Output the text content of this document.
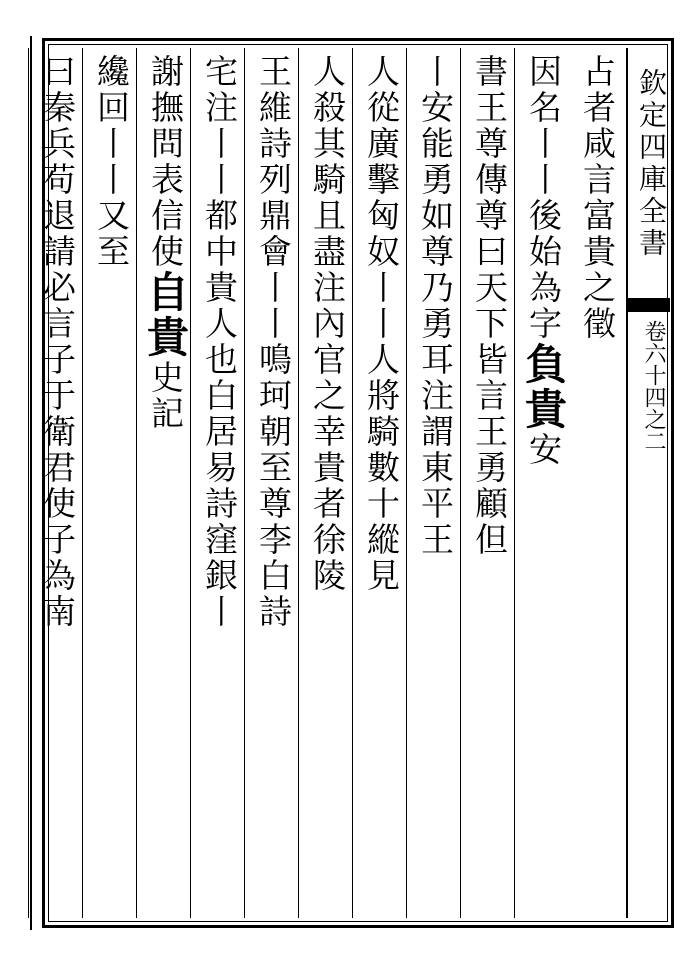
欽定四庫全書
卷六十四之二
占者咸言富貴之徵
因名丨丨後始為字負貴安
書王尊傳尊曰天下皆言王勇顧但
丨安能勇如尊乃勇耳注謂東平王
人從廣擊匈奴丨丨人將騎數十縱見
人殺其騎且盡注內官之幸貴者徐陵
王維詩列鼎會丨丨鳴珂朝至尊李白詩
宅注丨丨都中貴人也白居易詩窪銀丨
謝撫問表信使自貴史記
纔回丨丨又至
曰秦兵苟退請必言子于衛君使子為南
